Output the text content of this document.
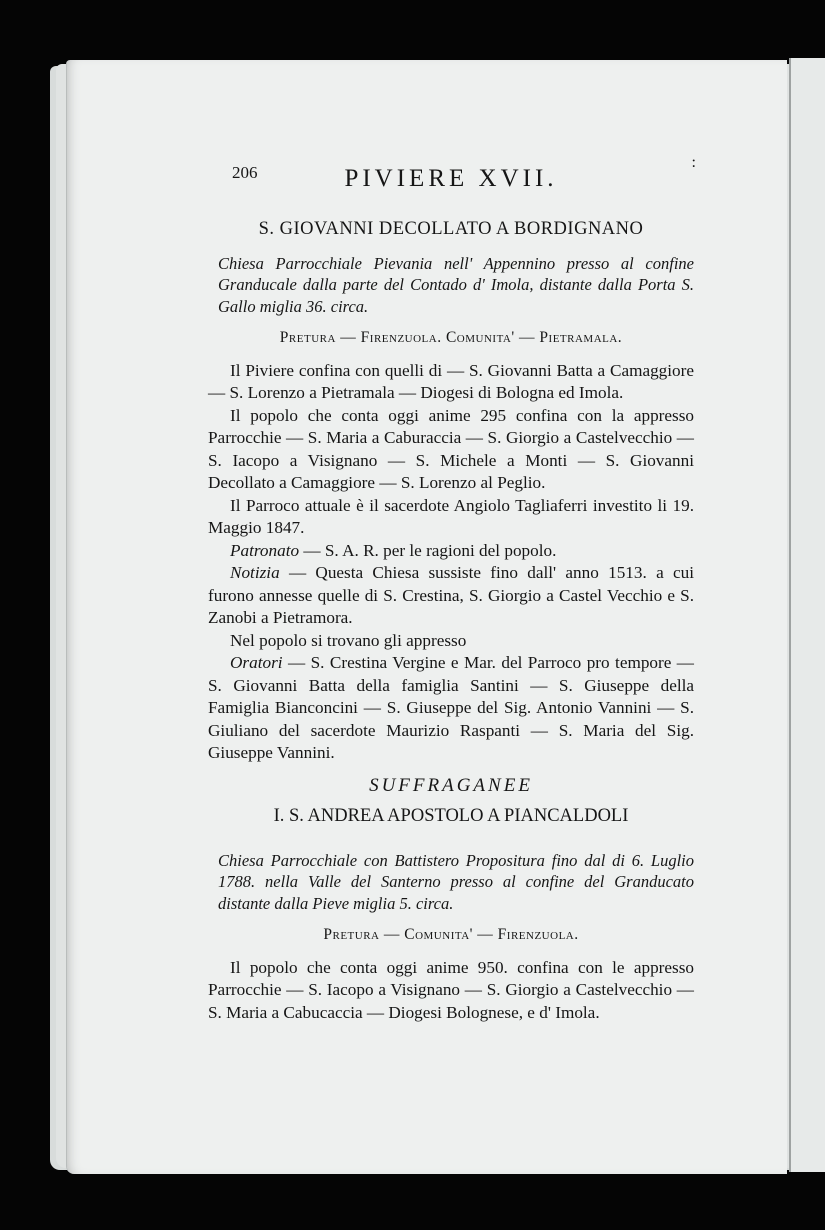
206	PIVIERE XVII.
:
S. GIOVANNI DECOLLATO A BORDIGNANO
Chiesa Parrocchiale Pievania nell' Appennino presso al confine Granducale dalla parte del Contado d' Imola, distante dalla Porta S. Gallo miglia 36. circa.
Pretura — Firenzuola. Comunita' — Pietramala.

Il Piviere confina con quelli di — S. Giovanni Batta a Camaggiore — S. Lorenzo a Pietramala — Diogesi di Bologna ed Imola.

Il popolo che conta oggi anime 295 confina con la appresso Parrocchie — S. Maria a Caburaccia — S. Giorgio a Castelvecchio — S. Iacopo a Visignano — S. Michele a Monti — S. Giovanni Decollato a Camaggiore — S. Lorenzo al Peglio.

Il Parroco attuale è il sacerdote Angiolo Tagliaferri investito li 19. Maggio 1847.

Patronato — S. A. R. per le ragioni del popolo.

Notizia — Questa Chiesa sussiste fino dall' anno 1513. a cui furono annesse quelle di S. Crestina, S. Giorgio a Castel Vecchio e S. Zanobi a Pietramora.

Nel popolo si trovano gli appresso

Oratori — S. Crestina Vergine e Mar. del Parroco pro tempore — S. Giovanni Batta della famiglia Santini — S. Giuseppe della Famiglia Bianconcini — S. Giuseppe del Sig. Antonio Vannini — S. Giuliano del sacerdote Maurizio Raspanti — S. Maria del Sig. Giuseppe Vannini.

SUFFRAGANEE
I. S. ANDREA APOSTOLO A PIANCALDOLI
Chiesa Parrocchiale con Battistero Propositura fino dal di 6. Luglio 1788. nella Valle del Santerno presso al confine del Granducato distante dalla Pieve miglia 5. circa.
Pretura — Comunita' — Firenzuola.

Il popolo che conta oggi anime 950. confina con le appresso Parrocchie — S. Iacopo a Visignano — S. Giorgio a Castelvecchio — S. Maria a Cabucaccia — Diogesi Bolognese, e d' Imola.
